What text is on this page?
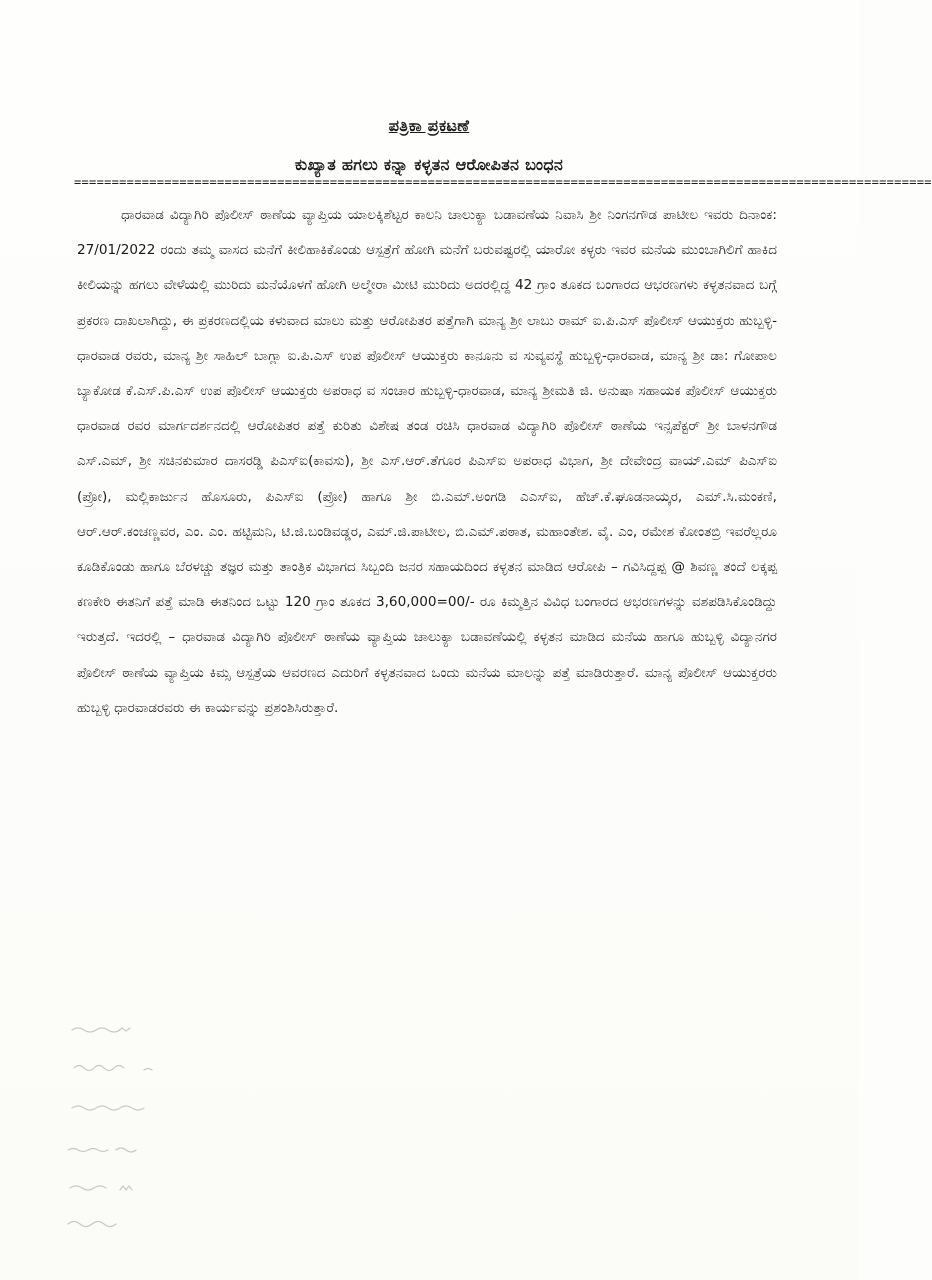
ಪತ್ರಿಕಾ ಪ್ರಕಟಣೆ
ಕುಖ್ಯಾತ ಹಗಲು ಕನ್ನಾ ಕಳ್ಳತನ ಆರೋಪಿತನ ಬಂಧನ
==================================================================================================================

ಧಾರವಾಡ ವಿದ್ಯಾಗಿರಿ ಪೊಲೀಸ್ ಠಾಣೆಯ ವ್ಯಾಪ್ತಿಯ ಯಾಲಕ್ಕಿಶೆಟ್ಟರ ಕಾಲನಿ ಚಾಲುಕ್ಯಾ ಬಡಾವಣೆಯ ನಿವಾಸಿ ಶ್ರೀ ನಿಂಗನಗೌಡ ಪಾಟೀಲ ಇವರು ದಿನಾಂಕ: 27/01/2022 ರಂದು ತಮ್ಮ ವಾಸದ ಮನೆಗೆ ಕೀಲಿಹಾಕಿಕೊಂಡು ಆಸ್ಪತ್ರೆಗೆ ಹೋಗಿ ಮನೆಗೆ ಬರುವಷ್ಟರಲ್ಲಿ ಯಾರೋ ಕಳ್ಳರು ಇವರ ಮನೆಯ ಮುಂಬಾಗಿಲಿಗೆ ಹಾಕಿದ ಕೀಲಿಯನ್ನು ಹಗಲು ವೇಳೆಯಲ್ಲಿ ಮುರಿದು ಮನೆಯೊಳಗೆ ಹೋಗಿ ಅಲ್ಮೇರಾ ಮೀಟಿ ಮುರಿದು ಅದರಲ್ಲಿದ್ದ 42 ಗ್ರಾಂ ತೂಕದ ಬಂಗಾರದ ಆಭರಣಗಳು ಕಳ್ಳತನವಾದ ಬಗ್ಗೆ ಪ್ರಕರಣ ದಾಖಲಾಗಿದ್ದು, ಈ ಪ್ರಕರಣದಲ್ಲಿಯ ಕಳುವಾದ ಮಾಲು ಮತ್ತು ಆರೋಪಿತರ ಪತ್ತೆಗಾಗಿ ಮಾನ್ಯ ಶ್ರೀ ಲಾಬು ರಾಮ್ ಐ.ಪಿ.ಎಸ್ ಪೊಲೀಸ್ ಆಯುಕ್ತರು ಹುಬ್ಬಳ್ಳಿ-ಧಾರವಾಡ ರವರು, ಮಾನ್ಯ ಶ್ರೀ ಸಾಹಿಲ್ ಬಾಗ್ಲಾ ಐ.ಪಿ.ಎಸ್ ಉಪ ಪೊಲೀಸ್ ಆಯುಕ್ತರು ಕಾನೂನು ವ ಸುವ್ಯವಸ್ಥೆ ಹುಬ್ಬಳ್ಳಿ-ಧಾರವಾಡ, ಮಾನ್ಯ ಶ್ರೀ ಡಾ: ಗೋಪಾಲ ಬ್ಯಾಕೋಡ ಕೆ.ಎಸ್.ಪಿ.ಎಸ್ ಉಪ ಪೊಲೀಸ್ ಆಯುಕ್ತರು ಅಪರಾಧ ವ ಸಂಚಾರ ಹುಬ್ಬಳ್ಳಿ-ಧಾರವಾಡ, ಮಾನ್ಯ ಶ್ರೀಮತಿ ಜಿ. ಅನುಷಾ ಸಹಾಯಕ ಪೊಲೀಸ್ ಆಯುಕ್ತರು ಧಾರವಾಡ ರವರ ಮಾರ್ಗದರ್ಶನದಲ್ಲಿ ಆರೋಪಿತರ ಪತ್ತೆ ಕುರಿತು ವಿಶೇಷ ತಂಡ ರಚಿಸಿ ಧಾರವಾಡ ವಿದ್ಯಾಗಿರಿ ಪೊಲೀಸ್ ಠಾಣೆಯ ಇನ್ಸಪೆಕ್ಟರ್ ಶ್ರೀ ಬಾಳನಗೌಡ ಎಸ್.ಎಮ್, ಶ್ರೀ ಸಚಿನಕುಮಾರ ದಾಸರಡ್ಡಿ ಪಿಎಸ್ಐ(ಕಾವಸು), ಶ್ರೀ ಎಸ್.ಆರ್.ತೆಗೂರ ಪಿಎಸ್ಐ ಅಪರಾಧ ವಿಭಾಗ, ಶ್ರೀ ದೇವೇಂದ್ರ ವಾಯ್.ಎಮ್ ಪಿಎಸ್ಐ (ಪ್ರೋ), ಮಲ್ಲಿಕಾರ್ಜುನ ಹೊಸೂರು, ಪಿಎಸ್ಐ (ಪ್ರೋ) ಹಾಗೂ ಶ್ರೀ ಬಿ.ಎಮ್.ಅಂಗಡಿ ಎಎಸ್ಐ, ಹೆಚ್.ಕೆ.ಘೂಡನಾಯ್ಕರ, ಎಮ್.ಸಿ.ಮಂಕಣಿ, ಆರ್.ಆರ್.ಕಂಚಣ್ಣವರ, ಎಂ. ಎಂ. ಹಟ್ಟಿಮನಿ, ಟಿ.ಜಿ.ಬಂಡಿವಡ್ಡರ, ಎಮ್.ಜಿ.ಪಾಟೀಲ, ಬಿ.ಎಮ್.ಪಠಾತ, ಮಹಾಂತೇಶ. ವೈ. ಎಂ, ರಮೇಶ ಕೋಂತಬ್ರಿ ಇವರೆಲ್ಲರೂ ಕೂಡಿಕೊಂಡು ಹಾಗೂ ಬೆರಳಚ್ಚು ತಜ್ಞರ ಮತ್ತು ತಾಂತ್ರಿಕ ವಿಭಾಗದ ಸಿಬ್ಬಂದಿ ಜನರ ಸಹಾಯದಿಂದ ಕಳ್ಳತನ ಮಾಡಿದ ಆರೋಪಿ – ಗವಿಸಿದ್ದಪ್ಪ @ ಶಿವಣ್ಣ ತಂದೆ ಲಕ್ಕಪ್ಪ ಕಣಕೇರಿ ಈತನಿಗೆ ಪತ್ತೆ ಮಾಡಿ ಈತನಿಂದ ಒಟ್ಟು 120 ಗ್ರಾಂ ತೂಕದ 3,60,000=00/- ರೂ ಕಿಮ್ಮತ್ತಿನ ವಿವಿಧ ಬಂಗಾರದ ಆಭರಣಗಳನ್ನು ವಶಪಡಿಸಿಕೊಂಡಿದ್ದು ಇರುತ್ತದೆ. ಇದರಲ್ಲಿ – ಧಾರವಾಡ ವಿದ್ಯಾಗಿರಿ ಪೊಲೀಸ್ ಠಾಣೆಯ ವ್ಯಾಪ್ತಿಯ ಚಾಲುಕ್ಯಾ ಬಡಾವಣೆಯಲ್ಲಿ ಕಳ್ಳತನ ಮಾಡಿದ ಮನೆಯ ಹಾಗೂ ಹುಬ್ಬಳ್ಳಿ ವಿದ್ಯಾನಗರ ಪೊಲೀಸ್ ಠಾಣೆಯ ವ್ಯಾಪ್ತಿಯ ಕಿಮ್ಸ ಆಸ್ಪತ್ರೆಯ ಆವರಣದ ಎದುರಿಗೆ ಕಳ್ಳತನವಾದ ಒಂದು ಮನೆಯ ಮಾಲನ್ನು ಪತ್ತೆ ಮಾಡಿರುತ್ತಾರೆ. ಮಾನ್ಯ ಪೊಲೀಸ್ ಆಯುಕ್ತರರು ಹುಬ್ಬಳ್ಳಿ ಧಾರವಾಡರವರು ಈ ಕಾರ್ಯವನ್ನು ಪ್ರಶಂಶಿಸಿರುತ್ತಾರೆ.
